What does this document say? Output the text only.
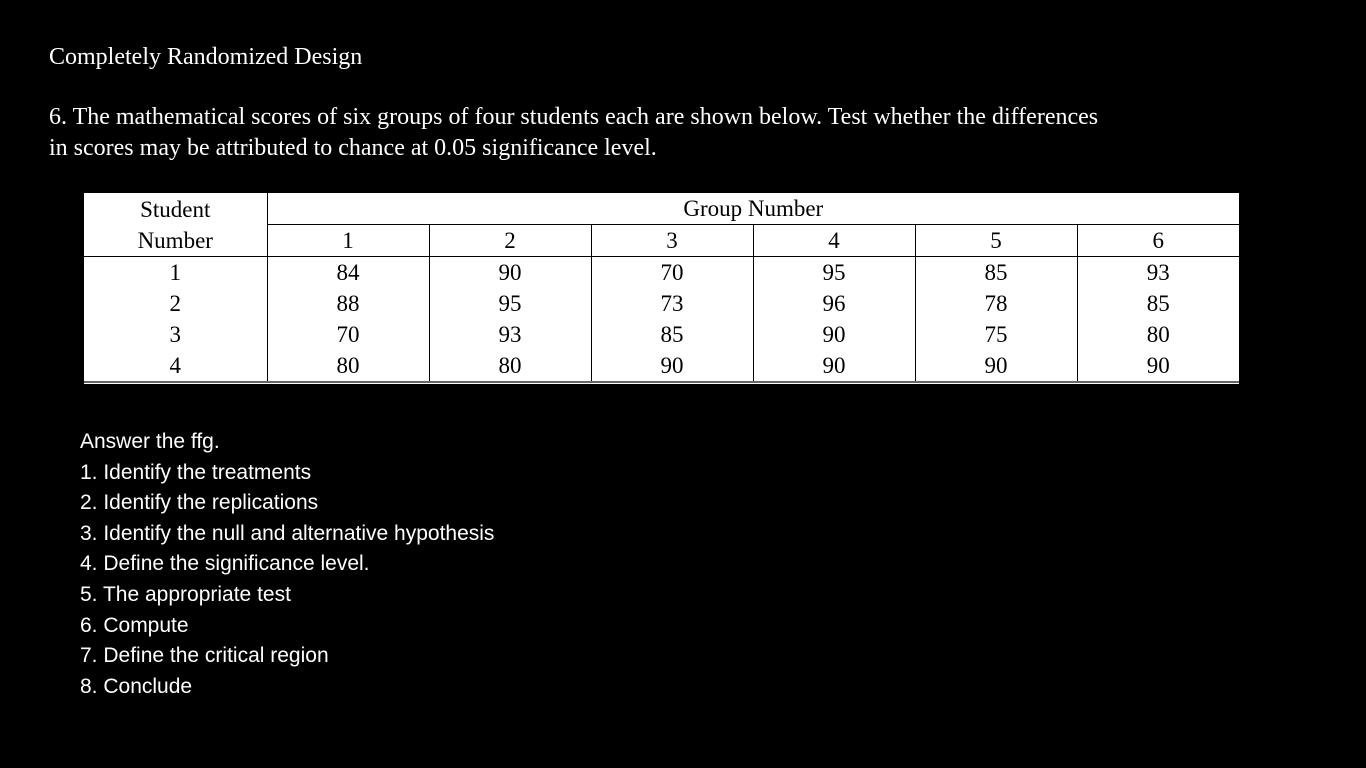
Completely Randomized Design
6. The mathematical scores of six groups of four students each are shown below. Test whether the differences
in scores may be attributed to chance at 0.05 significance level.
Student
Number	Group Number					
	1	2	3	4	5	6
1	84	90	70	95	85	93
2	88	95	73	96	78	85
3	70	93	85	90	75	80
4	80	80	90	90	90	90
Answer the ffg.
1. Identify the treatments
2. Identify the replications
3. Identify the null and alternative hypothesis
4. Define the significance level.
5. The appropriate test
6. Compute
7. Define the critical region
8. Conclude
